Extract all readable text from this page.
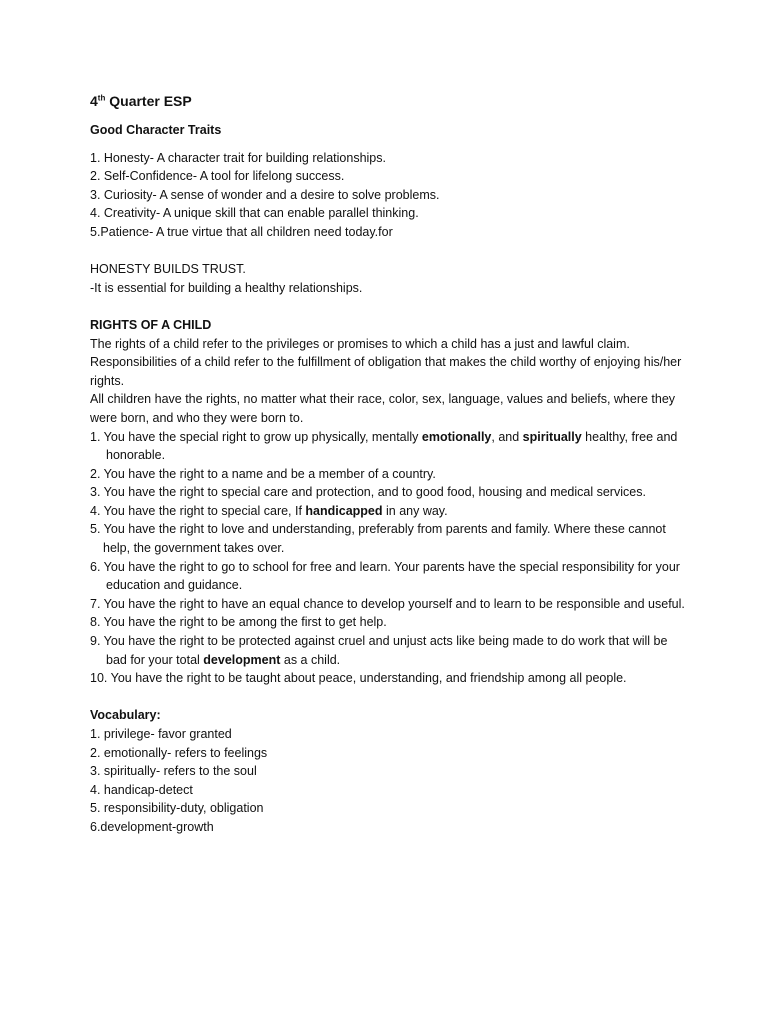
4th Quarter ESP

Good Character Traits

1. Honesty- A character trait for building relationships.

2. Self-Confidence- A tool for lifelong success.

3. Curiosity- A sense of wonder and a desire to solve problems.

4. Creativity- A unique skill that can enable parallel thinking.

5.Patience- A true virtue that all children need today.for

HONESTY BUILDS TRUST.

-It is essential for building a healthy relationships.

RIGHTS OF A CHILD

The rights of a child refer to the privileges or promises to which a child has a just and lawful claim.

Responsibilities of a child refer to the fulfillment of obligation that makes the child worthy of enjoying his/her rights.

All children have the rights, no matter what their race, color, sex, language, values and beliefs, where they were born, and who they were born to.

1. You have the special right to grow up physically, mentally emotionally, and spiritually healthy, free and honorable.

2. You have the right to a name and be a member of a country.

3. You have the right to special care and protection, and to good food, housing and medical services.

4. You have the right to special care, If handicapped in any way.

5. You have the right to love and understanding, preferably from parents and family. Where these cannot help, the government takes over.

6. You have the right to go to school for free and learn. Your parents have the special responsibility for your education and guidance.

7. You have the right to have an equal chance to develop yourself and to learn to be responsible and useful.

8. You have the right to be among the first to get help.

9. You have the right to be protected against cruel and unjust acts like being made to do work that will be bad for your total development as a child.

10. You have the right to be taught about peace, understanding, and friendship among all people.

Vocabulary:

1. privilege- favor granted

2. emotionally- refers to feelings

3. spiritually- refers to the soul

4. handicap-detect

5. responsibility-duty, obligation

6.development-growth
